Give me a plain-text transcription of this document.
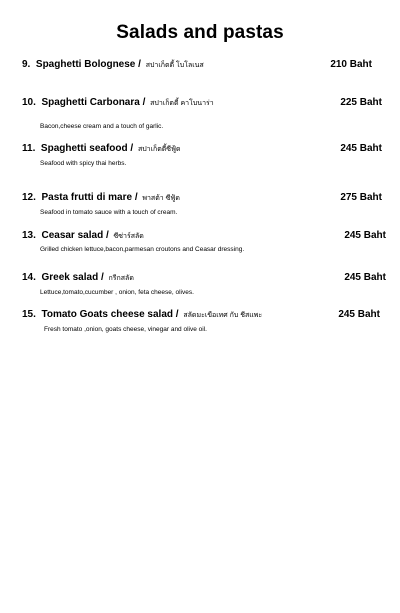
Salads and pastas
9. Spaghetti Bolognese / สปาเก็ตตี้ โบโลเนส	210 Baht
10. Spaghetti Carbonara / สปาเก็ตตี้ คาโบนาร่า	225 Baht
Bacon,cheese cream and a touch of garlic.
11. Spaghetti seafood / สปาเก็ตตี้ซีฟู้ด	245 Baht
Seafood with spicy thai herbs.
12. Pasta frutti di mare / พาสต้า ซีฟู้ด	275 Baht
Seafood in tomato sauce with a touch of cream.
13. Ceasar salad / ซีซ่าร์สลัด	245 Baht
Grilled chicken lettuce,bacon,parmesan croutons and Ceasar dressing.
14. Greek salad / กรีกสลัด	245 Baht
Lettuce,tomato,cucumber , onion, feta cheese, olives.
15. Tomato Goats cheese salad / สลัดมะเขือเทศ กับ ชีสแพะ	245 Baht
Fresh tomato ,onion, goats cheese, vinegar and olive oil.
